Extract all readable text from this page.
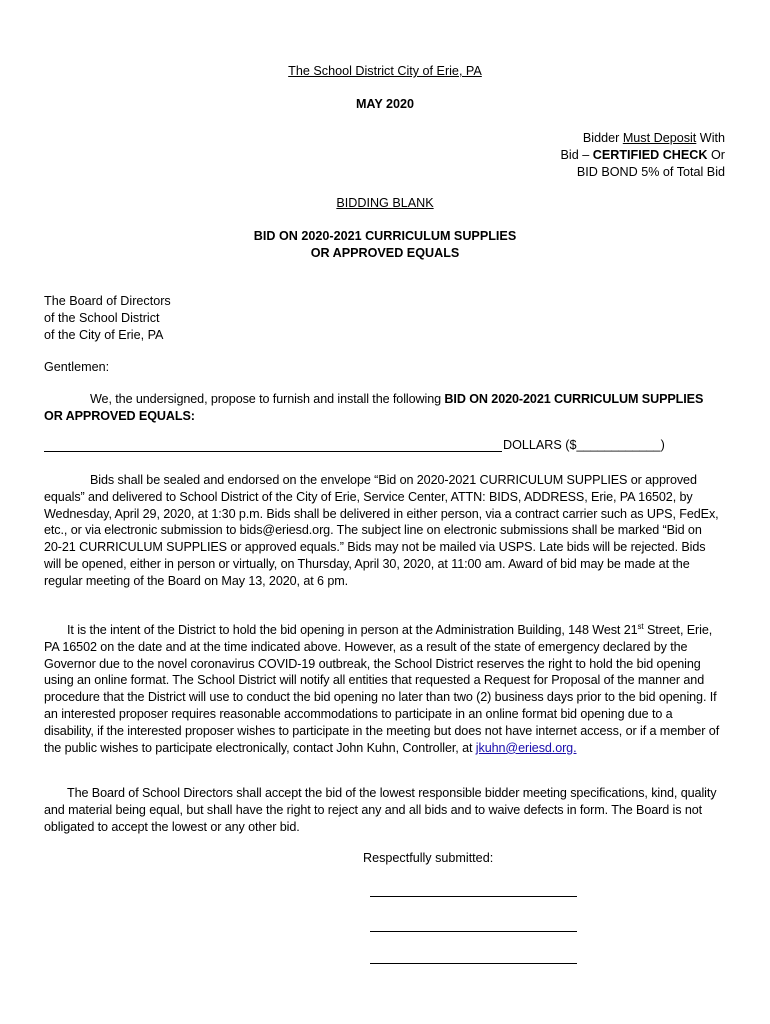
The School District City of Erie, PA
MAY 2020
Bidder Must Deposit With
Bid – CERTIFIED CHECK Or
BID BOND 5% of Total Bid
BIDDING BLANK
BID ON 2020-2021 CURRICULUM SUPPLIES
OR APPROVED EQUALS
The Board of Directors
of the School District
of the City of Erie, PA
Gentlemen:

We, the undersigned, propose to furnish and install the following BID ON 2020-2021 CURRICULUM SUPPLIES OR APPROVED EQUALS:

DOLLARS ($____________)

Bids shall be sealed and endorsed on the envelope “Bid on 2020-2021 CURRICULUM SUPPLIES or approved equals” and delivered to School District of the City of Erie, Service Center, ATTN: BIDS, ADDRESS, Erie, PA 16502, by Wednesday, April 29, 2020, at 1:30 p.m. Bids shall be delivered in either person, via a contract carrier such as UPS, FedEx, etc., or via electronic submission to bids@eriesd.org. The subject line on electronic submissions shall be marked “Bid on 20-21 CURRICULUM SUPPLIES or approved equals.” Bids may not be mailed via USPS. Late bids will be rejected. Bids will be opened, either in person or virtually, on Thursday, April 30, 2020, at 11:00 am. Award of bid may be made at the regular meeting of the Board on May 13, 2020, at 6 pm.

It is the intent of the District to hold the bid opening in person at the Administration Building, 148 West 21st Street, Erie, PA 16502 on the date and at the time indicated above. However, as a result of the state of emergency declared by the Governor due to the novel coronavirus COVID-19 outbreak, the School District reserves the right to hold the bid opening using an online format. The School District will notify all entities that requested a Request for Proposal of the manner and procedure that the District will use to conduct the bid opening no later than two (2) business days prior to the bid opening. If an interested proposer requires reasonable accommodations to participate in an online format bid opening due to a disability, if the interested proposer wishes to participate in the meeting but does not have internet access, or if a member of the public wishes to participate electronically, contact John Kuhn, Controller, at jkuhn@eriesd.org.

The Board of School Directors shall accept the bid of the lowest responsible bidder meeting specifications, kind, quality and material being equal, but shall have the right to reject any and all bids and to waive defects in form. The Board is not obligated to accept the lowest or any other bid.

Respectfully submitted:
